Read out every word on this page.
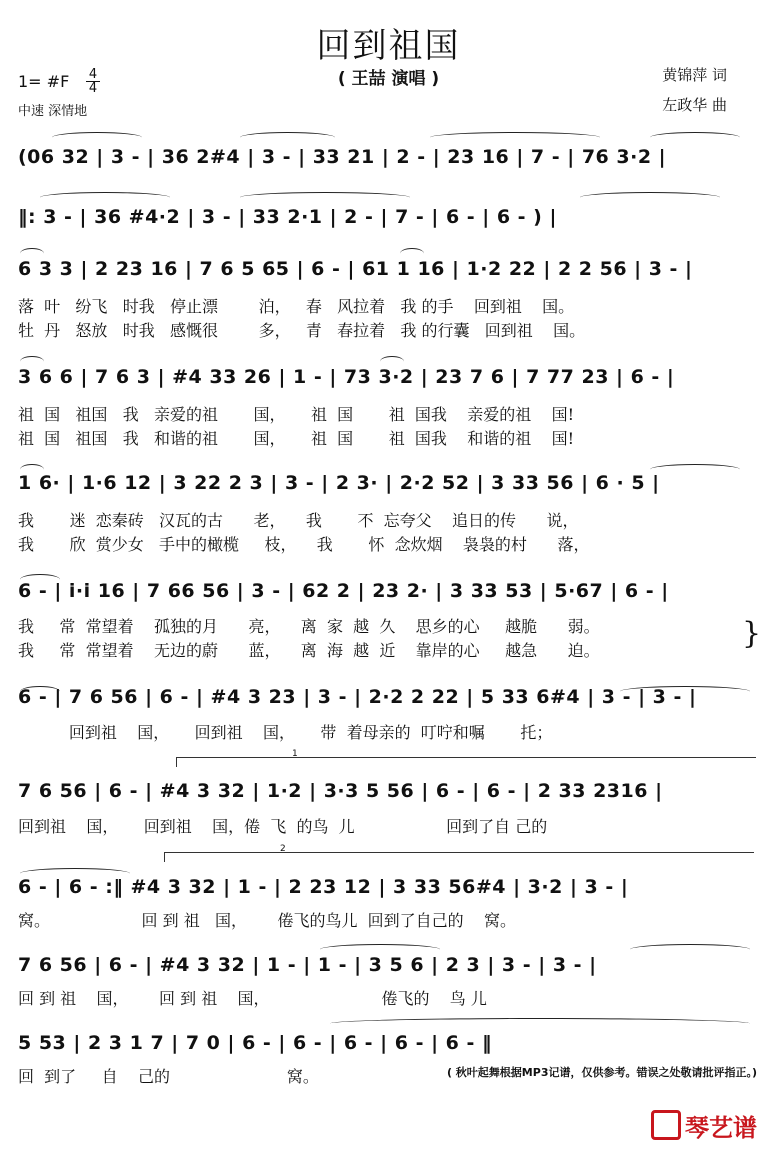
回到祖国
( 王喆 演唱 )	黄锦萍 词
左政华 曲
1= #F 4
4
中速 深情地
1
2
(06 32 | 3 - | 36 2#4 | 3 - | 33 21 | 2 - | 23 16 | 7 - | 76 3·2 |
‖: 3 - | 36 #4·2 | 3 - | 33 2·1 | 2 - | 7 - | 6 - | 6 - ) |
6 3 3 | 2 23 16 | 7 6 5 65 | 6 - | 61 1 16 | 1·2 22 | 2 2 56 | 3 - |
3 6 6 | 7 6 3 | #4 33 26 | 1 - | 73 3·2 | 23 7 6 | 7 77 23 | 6 - |
1 6· | 1·6 12 | 3 22 2 3 | 3 - | 2 3· | 2·2 52 | 3 33 56 | 6 · 5 |
6 - | i·i 16 | 7 66 56 | 3 - | 62 2 | 23 2· | 3 33 53 | 5·67 | 6 - |
6 - | 7 6 56 | 6 - | #4 3 23 | 3 - | 2·2 2 22 | 5 33 6#4 | 3 - | 3 - |
7 6 56 | 6 - | #4 3 32 | 1·2 | 3·3 5 56 | 6 - | 6 - | 2 33 2316 |
6 - | 6 - :‖ #4 3 32 | 1 - | 2 23 12 | 3 33 56#4 | 3·2 | 3 - |
7 6 56 | 6 - | #4 3 32 | 1 - | 1 - | 3 5 6 | 2 3 | 3 - | 3 - |
5 53 | 2 3 1 7 | 7 0 | 6 - | 6 - | 6 - | 6 - | 6 - ‖
落  叶   纷飞   时我   停止漂        泊，   春   风拉着   我 的手    回到祖    国。
牡  丹   怒放   时我   感慨很        多，   青   春拉着   我 的行囊   回到祖    国。
祖  国   祖国   我   亲爱的祖       国，     祖  国       祖  国我    亲爱的祖    国!
祖  国   祖国   我   和谐的祖       国，     祖  国       祖  国我    和谐的祖    国!
我       迷  恋秦砖   汉瓦的古      老，    我       不  忘夸父    追日的传      说，
我       欣  赏少女   手中的橄榄     枝，    我       怀  念炊烟    袅袅的村      落，
我     常  常望着    孤独的月      亮，    离  家  越  久    思乡的心     越脆      弱。
我     常  常望着    无边的蔚      蓝，    离  海  越  近    靠岸的心     越急      迫。
回到祖    国，     回到祖    国，     带  着母亲的  叮咛和嘱       托；
回到祖    国，     回到祖    国，倦  飞  的鸟  儿                  回到了自 己的
窝。                  回 到 祖   国，      倦飞的鸟儿  回到了自己的    窝。
回 到 祖    国，      回 到 祖    国，                      倦飞的    鸟 儿
回  到了     自    己的                       窝。
}
( 秋叶起舞根据MP3记谱，仅供参考。错误之处敬请批评指正。)
琴艺谱
